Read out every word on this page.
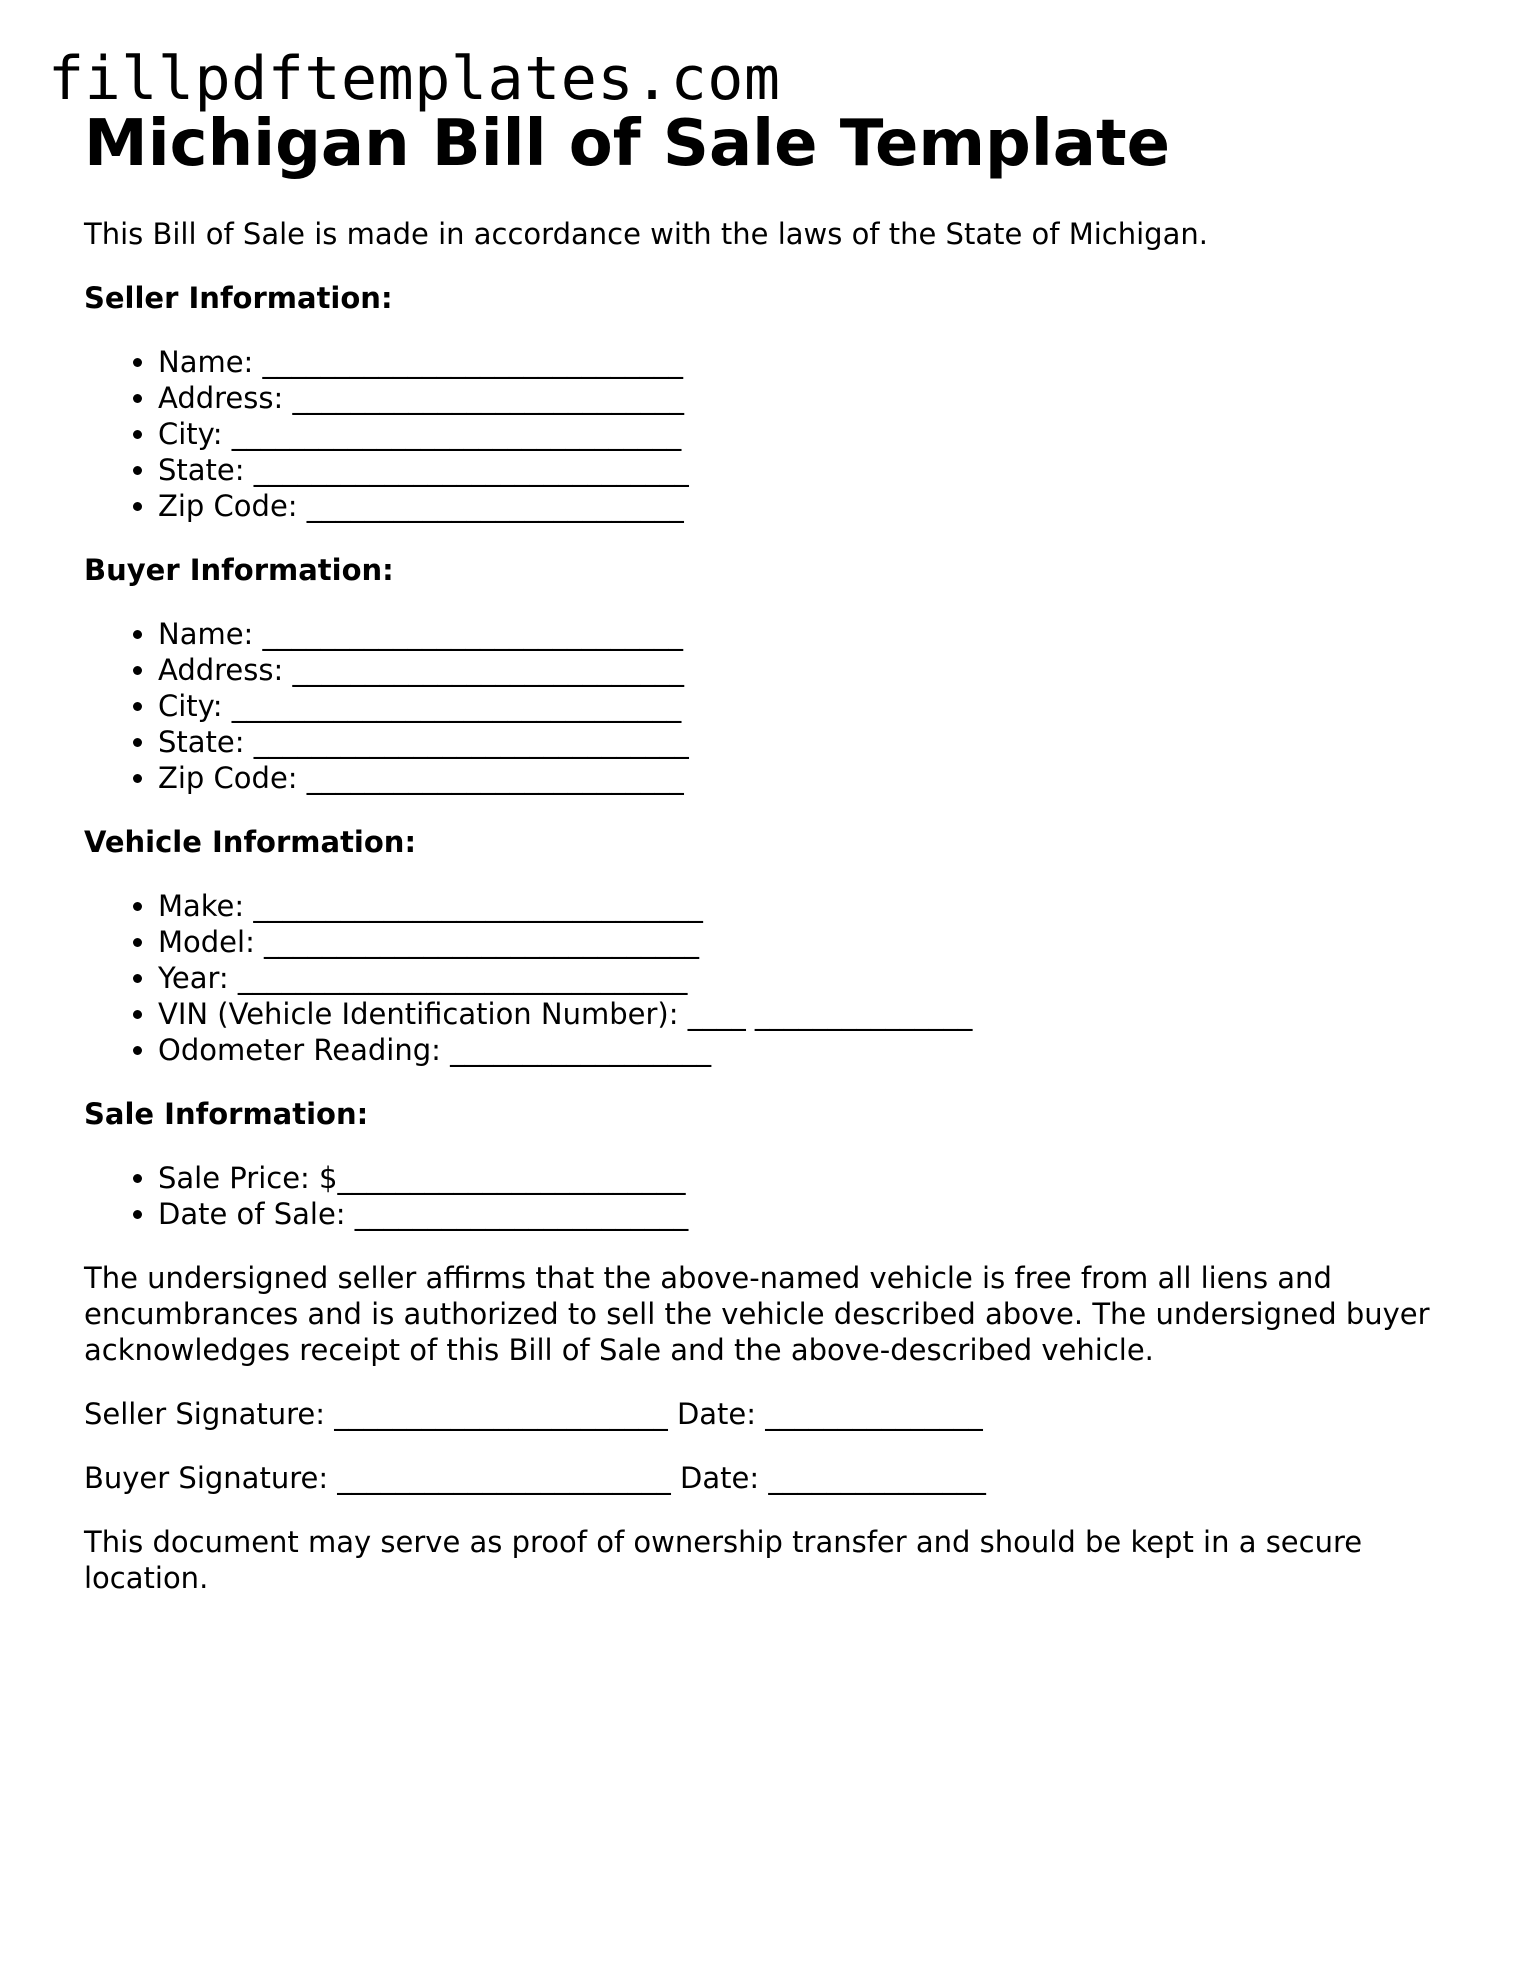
fillpdftemplates.com
Michigan Bill of Sale Template

This Bill of Sale is made in accordance with the laws of the State of Michigan.

Seller Information:
• Name: _____________________________
• Address: ___________________________
• City: _______________________________
• State: ______________________________
• Zip Code: __________________________
Buyer Information:
• Name: _____________________________
• Address: ___________________________
• City: _______________________________
• State: ______________________________
• Zip Code: __________________________
Vehicle Information:
• Make: _______________________________
• Model: ______________________________
• Year: _______________________________
• VIN (Vehicle Identification Number): ____ _______________
• Odometer Reading: __________________
Sale Information:
• Sale Price: $________________________
• Date of Sale: _______________________

The undersigned seller affirms that the above-named vehicle is free from all liens and encumbrances and is authorized to sell the vehicle described above. The undersigned buyer acknowledges receipt of this Bill of Sale and the above-described vehicle.

Seller Signature: _______________________ Date: _______________

Buyer Signature: _______________________ Date: _______________

This document may serve as proof of ownership transfer and should be kept in a secure location.
